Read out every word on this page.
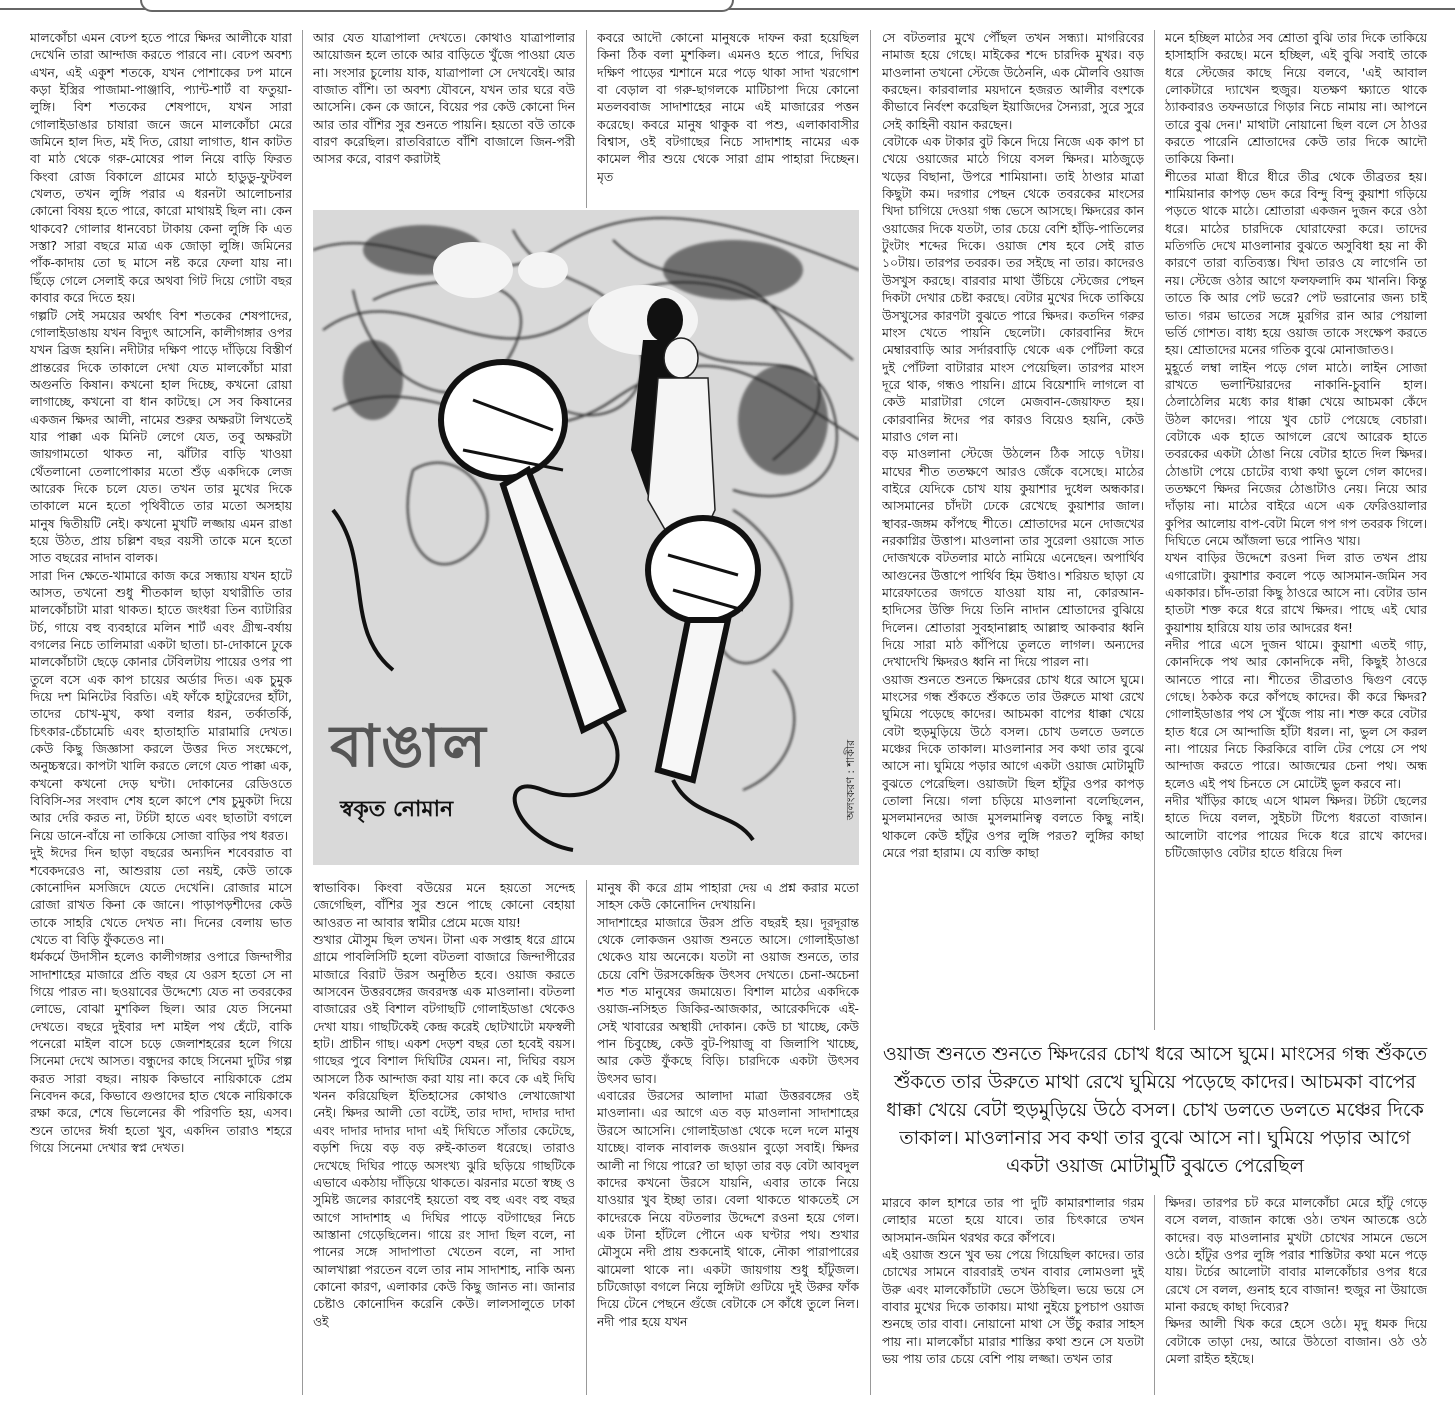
মালকোঁচা এমন বেঢপ হতে পারে ক্ষিদর আলীকে যারা দেখেনি তারা আন্দাজ করতে পারবে না। বেঢপ অবশ্য এখন, এই একুশ শতকে, যখন পোশাকের ঢপ মানে কড়া ইস্ত্রির পাজামা-পাঞ্জাবি, প্যান্ট-শার্ট বা ফতুয়া-লুঙ্গি। বিশ শতকের শেষপাদে, যখন সারা গোলাইডাঙার চাষারা জনে জনে মালকোঁচা মেরে জমিনে হাল দিত, মই দিত, রোয়া লাগাত, ধান কাটত বা মাঠ থেকে গরু-মোষের পাল নিয়ে বাড়ি ফিরত কিংবা রোজ বিকালে গ্রামের মাঠে হাডুডু-ফুটবল খেলত, তখন লুঙ্গি পরার এ ধরনটা আলোচনার কোনো বিষয় হতে পারে, কারো মাথায়ই ছিল না। কেন থাকবে? গোলার ধানবেচা টাকায় কেনা লুঙ্গি কি এত সস্তা? সারা বছরে মাত্র এক জোড়া লুঙ্গি। জমিনের পাঁক-কাদায় তো ছ মাসে নষ্ট করে ফেলা যায় না। ছিঁড়ে গেলে সেলাই করে অথবা গিট দিয়ে গোটা বছর কাবার করে দিতে হয়।

গল্পটি সেই সময়ের অর্থাৎ বিশ শতকের শেষপাদের, গোলাইডাঙায় যখন বিদ্যুৎ আসেনি, কালীগঙ্গার ওপর যখন ব্রিজ হয়নি। নদীটার দক্ষিণ পাড়ে দাঁড়িয়ে বিস্তীর্ণ প্রান্তরের দিকে তাকালে দেখা যেত মালকোঁচা মারা অগুনতি কিষান। কখনো হাল দিচ্ছে, কখনো রোয়া লাগাচ্ছে, কখনো বা ধান কাটছে। সে সব কিষানের একজন ক্ষিদর আলী, নামের শুরুর অক্ষরটা লিখতেই যার পাক্কা এক মিনিট লেগে যেত, তবু অক্ষরটা জায়গামতো থাকত না, ঝাঁটার বাড়ি খাওয়া থেঁতলানো তেলাপোকার মতো শুঁড় একদিকে লেজ আরেক দিকে চলে যেত। তখন তার মুখের দিকে তাকালে মনে হতো পৃথিবীতে তার মতো অসহায় মানুষ দ্বিতীয়টি নেই। কখনো মুখটি লজ্জায় এমন রাঙা হয়ে উঠত, প্রায় চল্লিশ বছর বয়সী তাকে মনে হতো সাত বছরের নাদান বালক।

সারা দিন ক্ষেতে-খামারে কাজ করে সন্ধ্যায় যখন হাটে আসত, তখনো শুধু শীতকাল ছাড়া যথারীতি তার মালকোঁচাটা মারা থাকত। হাতে জংধরা তিন ব্যাটারির টর্চ, গায়ে বহু ব্যবহারে মলিন শার্ট এবং গ্রীষ্ম-বর্ষায় বগলের নিচে তালিমারা একটা ছাতা। চা-দোকানে ঢুকে মালকোঁচাটা ছেড়ে কোনার টেবিলটায় পায়ের ওপর পা তুলে বসে এক কাপ চায়ের অর্ডার দিত। এক চুমুক দিয়ে দশ মিনিটের বিরতি। এই ফাঁকে হাটুরেদের হাঁটা, তাদের চোখ-মুখ, কথা বলার ধরন, তর্কাতর্কি, চিৎকার-চেঁচামেচি এবং হাতাহাতি মারামারি দেখত। কেউ কিছু জিজ্ঞাসা করলে উত্তর দিত সংক্ষেপে, অনুচ্চস্বরে। কাপটা খালি করতে লেগে যেত পাক্কা এক, কখনো কখনো দেড় ঘণ্টা। দোকানের রেডিওতে বিবিসি-সর সংবাদ শেষ হলে কাপে শেষ চুমুকটা দিয়ে আর দেরি করত না, টর্চটা হাতে এবং ছাতাটা বগলে নিয়ে ডানে-বাঁয়ে না তাকিয়ে সোজা বাড়ির পথ ধরত।

দুই ঈদের দিন ছাড়া বছরের অন্যদিন শবেবরাত বা শবেকদরেও না, আশুরায় তো নয়ই, কেউ তাকে কোনোদিন মসজিদে যেতে দেখেনি। রোজার মাসে রোজা রাখত কিনা কে জানে। পাড়াপড়শীদের কেউ তাকে সাহরি খেতে দেখত না। দিনের বেলায় ভাত খেতে বা বিড়ি ফুঁকতেও না।

ধর্মকর্মে উদাসীন হলেও কালীগঙ্গার ওপারে জিন্দাপীর সাদাশাহের মাজারে প্রতি বছর যে ওরস হতো সে না গিয়ে পারত না। ছওয়াবের উদ্দেশ্যে যেত না তবরকের লোভে, বোঝা মুশকিল ছিল। আর যেত সিনেমা দেখতে। বছরে দুইবার দশ মাইল পথ হেঁটে, বাকি পনেরো মাইল বাসে চড়ে জেলাশহরের হলে গিয়ে সিনেমা দেখে আসত। বন্ধুদের কাছে সিনেমা দুটির গল্প করত সারা বছর। নায়ক কিভাবে নায়িকাকে প্রেম নিবেদন করে, কিভাবে গুণ্ডাদের হাত থেকে নায়িকাকে রক্ষা করে, শেষে ভিলেনের কী পরিণতি হয়, এসব। শুনে তাদের ঈর্ষা হতো খুব, একদিন তারাও শহরে গিয়ে সিনেমা দেখার স্বপ্ন দেখত।

আর যেত যাত্রাপালা দেখতে। কোথাও যাত্রাপালার আয়োজন হলে তাকে আর বাড়িতে খুঁজে পাওয়া যেত না। সংসার চুলোয় যাক, যাত্রাপালা সে দেখবেই। আর বাজাত বাঁশি। তা অবশ্য যৌবনে, যখন তার ঘরে বউ আসেনি। কেন কে জানে, বিয়ের পর কেউ কোনো দিন আর তার বাঁশির সুর শুনতে পায়নি। হয়তো বউ তাকে বারণ করেছিল। রাতবিরাতে বাঁশি বাজালে জিন-পরী আসর করে, বারণ করাটাই

কবরে আদৌ কোনো মানুষকে দাফন করা হয়েছিল কিনা ঠিক বলা মুশকিল। এমনও হতে পারে, দিঘির দক্ষিণ পাড়ের শ্মশানে মরে পড়ে থাকা সাদা খরগোশ বা বেড়াল বা গরু-ছাগলকে মাটিচাপা দিয়ে কোনো মতলববাজ সাদাশাহের নামে এই মাজারের পত্তন করেছে। কবরে মানুষ থাকুক বা পশু, এলাকাবাসীর বিশ্বাস, ওই বটগাছের নিচে সাদাশাহ নামের এক কামেল পীর শুয়ে থেকে সারা গ্রাম পাহারা দিচ্ছেন। মৃত

বাঙাল
স্বকৃত নোমান	অলংকরণ : শাকীর

স্বাভাবিক। কিংবা বউয়ের মনে হয়তো সন্দেহ জেগেছিল, বাঁশির সুর শুনে পাছে কোনো বেহায়া আওরত না আবার স্বামীর প্রেমে মজে যায়!

শুখার মৌসুম ছিল তখন। টানা এক সপ্তাহ ধরে গ্রামে গ্রামে পাবলিসিটি হলো বটতলা বাজারে জিন্দাপীরের মাজারে বিরাট উরস অনুষ্ঠিত হবে। ওয়াজ করতে আসবেন উত্তরবঙ্গের জবরদস্ত এক মাওলানা। বটতলা বাজারের ওই বিশাল বটগাছটি গোলাইডাঙা থেকেও দেখা যায়। গাছটিকেই কেন্দ্র করেই ছোটখাটো মফস্বলী হাট। প্রাচীন গাছ। একশ দেড়শ বছর তো হবেই বয়স। গাছের পুবে বিশাল দিঘিটির যেমন। না, দিঘির বয়স আসলে ঠিক আন্দাজ করা যায় না। কবে কে এই দিঘি খনন করিয়েছিল ইতিহাসের কোথাও লেখাজোখা নেই। ক্ষিদর আলী তো বটেই, তার দাদা, দাদার দাদা এবং দাদার দাদার দাদা এই দিঘিতে সাঁতার কেটেছে, বড়শি দিয়ে বড় বড় রুই-কাতল ধরেছে। তারাও দেখেছে দিঘির পাড়ে অসংখ্য ঝুরি ছড়িয়ে গাছটিকে এভাবে একঠায় দাঁড়িয়ে থাকতে। ঝরনার মতো স্বচ্ছ ও সুমিষ্ট জলের কারণেই হয়তো বহু বহু এবং বহু বছর আগে সাদাশাহ এ দিঘির পাড়ে বটগাছের নিচে আস্তানা গেড়েছিলেন। গায়ে রং সাদা ছিল বলে, না পানের সঙ্গে সাদাপাতা খেতেন বলে, না সাদা আলখাল্লা পরতেন বলে তার নাম সাদাশাহ, নাকি অন্য কোনো কারণ, এলাকার কেউ কিছু জানত না। জানার চেষ্টাও কোনোদিন করেনি কেউ। লালসালুতে ঢাকা ওই

মানুষ কী করে গ্রাম পাহারা দেয় এ প্রশ্ন করার মতো সাহস কেউ কোনোদিন দেখায়নি।

সাদাশাহের মাজারে উরস প্রতি বছরই হয়। দূরদূরান্ত থেকে লোকজন ওয়াজ শুনতে আসে। গোলাইডাঙা থেকেও যায় অনেকে। যতটা না ওয়াজ শুনতে, তার চেয়ে বেশি উরসকেন্দ্রিক উৎসব দেখতে। চেনা-অচেনা শত শত মানুষের জমায়েত। বিশাল মাঠের একদিকে ওয়াজ-নসিহত জিকির-আজকার, আরেকদিকে এই-সেই খাবারের অস্থায়ী দোকান। কেউ চা খাচ্ছে, কেউ পান চিবুচ্ছে, কেউ বুট-পিয়াজু বা জিলাপি খাচ্ছে, আর কেউ ফুঁকছে বিড়ি। চারদিকে একটা উৎসব উৎসব ভাব।

এবারের উরসের আলাদা মাত্রা উত্তরবঙ্গের ওই মাওলানা। এর আগে এত বড় মাওলানা সাদাশাহের উরসে আসেনি। গোলাইডাঙা থেকে দলে দলে মানুষ যাচ্ছে। বালক নাবালক জওয়ান বুড়ো সবাই। ক্ষিদর আলী না গিয়ে পারে? তা ছাড়া তার বড় বেটা আবদুল কাদের কখনো উরসে যায়নি, এবার তাকে নিয়ে যাওয়ার খুব ইচ্ছা তার। বেলা থাকতে থাকতেই সে কাদেরকে নিয়ে বটতলার উদ্দেশে রওনা হয়ে গেল। এক টানা হাঁটলে পৌনে এক ঘণ্টার পথ। শুখার মৌসুমে নদী প্রায় শুকনোই থাকে, নৌকা পারাপারের ঝামেলা থাকে না। একটা জায়গায় শুধু হাঁটুজল। চটিজোড়া বগলে নিয়ে লুঙ্গিটা গুটিয়ে দুই উরুর ফাঁক দিয়ে টেনে পেছনে গুঁজে বেটাকে সে কাঁধে তুলে নিল। নদী পার হয়ে যখন

সে বটতলার মুখে পৌঁছল তখন সন্ধ্যা। মাগরিবের নামাজ হয়ে গেছে। মাইকের শব্দে চারদিক মুখর। বড় মাওলানা তখনো স্টেজে উঠেননি, এক মৌলবি ওয়াজ করছেন। কারবালার ময়দানে হজরত আলীর বংশকে কীভাবে নির্বংশ করেছিল ইয়াজিদের সৈন্যরা, সুরে সুরে সেই কাহিনী বয়ান করছেন।

বেটাকে এক টাকার বুট কিনে দিয়ে নিজে এক কাপ চা খেয়ে ওয়াজের মাঠে গিয়ে বসল ক্ষিদর। মাঠজুড়ে খড়ের বিছানা, উপরে শামিয়ানা। তাই ঠাণ্ডার মাত্রা কিছুটা কম। দরগার পেছন থেকে তবরকের মাংসের খিদা চাগিয়ে দেওয়া গন্ধ ভেসে আসছে। ক্ষিদরের কান ওয়াজের দিকে যতটা, তার চেয়ে বেশি হাঁড়ি-পাতিলের টুংটাং শব্দের দিকে। ওয়াজ শেষ হবে সেই রাত ১০টায়। তারপর তবরক। তর সইছে না তার। কাদেরও উসখুস করছে। বারবার মাথা উঁচিয়ে স্টেজের পেছন দিকটা দেখার চেষ্টা করছে। বেটার মুখের দিকে তাকিয়ে উসখুসের কারণটা বুঝতে পারে ক্ষিদর। কতদিন গরুর মাংস খেতে পায়নি ছেলেটা। কোরবানির ঈদে মেম্বারবাড়ি আর সর্দারবাড়ি থেকে এক পোঁটলা করে দুই পোঁটলা বাটারার মাংস পেয়েছিল। তারপর মাংস দূরে থাক, গন্ধও পায়নি। গ্রামে বিয়েশাদি লাগলে বা কেউ মারাটারা গেলে মেজবান-জেয়াফত হয়। কোরবানির ঈদের পর কারও বিয়েও হয়নি, কেউ মারাও গেল না।

বড় মাওলানা স্টেজে উঠলেন ঠিক সাড়ে ৭টায়। মাঘের শীত ততক্ষণে আরও জেঁকে বসেছে। মাঠের বাইরে যেদিকে চোখ যায় কুয়াশার দুধেল অন্ধকার। আসমানের চাঁদটা ঢেকে রেখেছে কুয়াশার জাল। স্থাবর-জঙ্গম কাঁপছে শীতে। শ্রোতাদের মনে দোজখের নরকাগ্নির উত্তাপ। মাওলানা তার সুরেলা ওয়াজে সাত দোজখকে বটতলার মাঠে নামিয়ে এনেছেন। অপার্থিব আগুনের উত্তাপে পার্থিব হিম উধাও। শরিয়ত ছাড়া যে মারেফাতের জগতে যাওয়া যায় না, কোরআন-হাদিসের উক্তি দিয়ে তিনি নাদান শ্রোতাদের বুঝিয়ে দিলেন। শ্রোতারা সুবহানাল্লাহ আল্লাহু আকবার ধ্বনি দিয়ে সারা মাঠ কাঁপিয়ে তুলতে লাগল। অন্যদের দেখাদেখি ক্ষিদরও ধ্বনি না দিয়ে পারল না।

ওয়াজ শুনতে শুনতে ক্ষিদরের চোখ ধরে আসে ঘুমে। মাংসের গন্ধ শুঁকতে শুঁকতে তার উরুতে মাথা রেখে ঘুমিয়ে পড়েছে কাদের। আচমকা বাপের ধাক্কা খেয়ে বেটা হুড়মুড়িয়ে উঠে বসল। চোখ ডলতে ডলতে মঞ্চের দিকে তাকাল। মাওলানার সব কথা তার বুঝে আসে না। ঘুমিয়ে পড়ার আগে একটা ওয়াজ মোটামুটি বুঝতে পেরেছিল। ওয়াজটা ছিল হাঁটুর ওপর কাপড় তোলা নিয়ে। গলা চড়িয়ে মাওলানা বলেছিলেন, মুসলমানদের আজ মুসলমানিত্ব বলতে কিছু নাই। থাকলে কেউ হাঁটুর ওপর লুঙ্গি পরত? লুঙ্গির কাছা মেরে পরা হারাম। যে ব্যক্তি কাছা

মনে হচ্ছিল মাঠের সব শ্রোতা বুঝি তার দিকে তাকিয়ে হাসাহাসি করছে। মনে হচ্ছিল, এই বুঝি সবাই তাকে ধরে স্টেজের কাছে নিয়ে বলবে, 'এই আবাল লোকটারে দ্যাখেন হুজুর। যতক্ষণ ক্ষ্যাতে থাকে ঠ্যাকবারও তফনডারে গিড়ার নিচে নামায় না। আপনে তারে বুঝ দেন।' মাথাটা নোয়ানো ছিল বলে সে ঠাওর করতে পারেনি শ্রোতাদের কেউ তার দিকে আদৌ তাকিয়ে কিনা।

শীতের মাত্রা ধীরে ধীরে তীব্র থেকে তীব্রতর হয়। শামিয়ানার কাপড় ভেদ করে বিন্দু বিন্দু কুয়াশা গড়িয়ে পড়তে থাকে মাঠে। শ্রোতারা একজন দুজন করে ওঠা ধরে। মাঠের চারদিকে ঘোরাফেরা করে। তাদের মতিগতি দেখে মাওলানার বুঝতে অসুবিধা হয় না কী কারণে তারা ব্যতিব্যস্ত। খিদা তারও যে লাগেনি তা নয়। স্টেজে ওঠার আগে ফলফলাদি কম খাননি। কিন্তু তাতে কি আর পেট ভরে? পেট ভরানোর জন্য চাই ভাত। গরম ভাতের সঙ্গে মুরগির রান আর পেয়ালা ভর্তি গোশত। বাধ্য হয়ে ওয়াজ তাকে সংক্ষেপ করতে হয়। শ্রোতাদের মনের গতিক বুঝে মোনাজাতও।

মুহূর্তে লম্বা লাইন পড়ে গেল মাঠে। লাইন সোজা রাখতে ভলান্টিয়ারদের নাকানি-চুবানি হাল। ঠেলাঠেলির মধ্যে কার ধাক্কা খেয়ে আচমকা কেঁদে উঠল কাদের। পায়ে খুব চোট পেয়েছে বেচারা। বেটাকে এক হাতে আগলে রেখে আরেক হাতে তবরকের একটা ঠোঙা নিয়ে বেটার হাতে দিল ক্ষিদর। ঠোঙাটা পেয়ে চোটের ব্যথা কথা ভুলে গেল কাদের। ততক্ষণে ক্ষিদর নিজের ঠোঙাটাও নেয়। নিয়ে আর দাঁড়ায় না। মাঠের বাইরে এসে এক ফেরিওয়ালার কুপির আলোয় বাপ-বেটা মিলে গপ গপ তবরক গিলে। দিঘিতে নেমে আঁজলা ভরে পানিও খায়।

যখন বাড়ির উদ্দেশে রওনা দিল রাত তখন প্রায় এগারোটা। কুয়াশার কবলে পড়ে আসমান-জমিন সব একাকার। চাঁদ-তারা কিছু ঠাওরে আসে না। বেটার ডান হাতটা শক্ত করে ধরে রাখে ক্ষিদর। পাছে এই ঘোর কুয়াশায় হারিয়ে যায় তার আদরের ধন!

নদীর পারে এসে দুজন থামে। কুয়াশা এতই গাঢ়, কোনদিকে পথ আর কোনদিকে নদী, কিছুই ঠাওরে আনতে পারে না। শীতের তীব্রতাও দ্বিগুণ বেড়ে গেছে। ঠকঠক করে কাঁপছে কাদের। কী করে ক্ষিদর? গোলাইডাঙার পথ সে খুঁজে পায় না। শক্ত করে বেটার হাত ধরে সে আন্দাজি হাঁটা ধরল। না, ভুল সে করল না। পায়ের নিচে কিরকিরে বালি টের পেয়ে সে পথ আন্দাজ করতে পারে। আজন্মের চেনা পথ। অন্ধ হলেও এই পথ চিনতে সে মোটেই ভুল করবে না।

নদীর খাঁড়ির কাছে এসে থামল ক্ষিদর। টর্চটা ছেলের হাতে দিয়ে বলল, সুইচটা টিপ্যে ধরতো বাজান। আলোটা বাপের পায়ের দিকে ধরে রাখে কাদের। চটিজোড়াও বেটার হাতে ধরিয়ে দিল

ওয়াজ শুনতে শুনতে ক্ষিদরের চোখ ধরে আসে ঘুমে। মাংসের গন্ধ শুঁকতে শুঁকতে তার উরুতে মাথা রেখে ঘুমিয়ে পড়েছে কাদের। আচমকা বাপের ধাক্কা খেয়ে বেটা হুড়মুড়িয়ে উঠে বসল। চোখ ডলতে ডলতে মঞ্চের দিকে তাকাল। মাওলানার সব কথা তার বুঝে আসে না। ঘুমিয়ে পড়ার আগে একটা ওয়াজ মোটামুটি বুঝতে পেরেছিল

মারবে কাল হাশরে তার পা দুটি কামারশালার গরম লোহার মতো হয়ে যাবে। তার চিৎকারে তখন আসমান-জমিন থরথর করে কাঁপবে।

এই ওয়াজ শুনে খুব ভয় পেয়ে গিয়েছিল কাদের। তার চোখের সামনে বারবারই তখন বাবার লোমওলা দুই উরু এবং মালকোঁচাটা ভেসে উঠছিল। ভয়ে ভয়ে সে বাবার মুখের দিকে তাকায়। মাথা নুইয়ে চুপচাপ ওয়াজ শুনছে তার বাবা। নোয়ানো মাথা সে উঁচু করার সাহস পায় না। মালকোঁচা মারার শাস্তির কথা শুনে সে যতটা ভয় পায় তার চেয়ে বেশি পায় লজ্জা। তখন তার

ক্ষিদর। তারপর চট করে মালকোঁচা মেরে হাঁটু গেড়ে বসে বলল, বাজান কান্ধে ওঠ। তখন আতঙ্কে ওঠে কাদের। বড় মাওলানার মুখটা চোখের সামনে ভেসে ওঠে। হাঁটুর ওপর লুঙ্গি পরার শাস্তিটার কথা মনে পড়ে যায়। টর্চের আলোটা বাবার মালকোঁচার ওপর ধরে রেখে সে বলল, গুনাহ হবে বাজান! হুজুর না উয়াজে মানা করছে কাছা দিব্যের?

ক্ষিদর আলী খিক করে হেসে ওঠে। মৃদু ধমক দিয়ে বেটাকে তাড়া দেয়, আরে উঠতো বাজান। ওঠ ওঠ মেলা রাইত হইছে।
